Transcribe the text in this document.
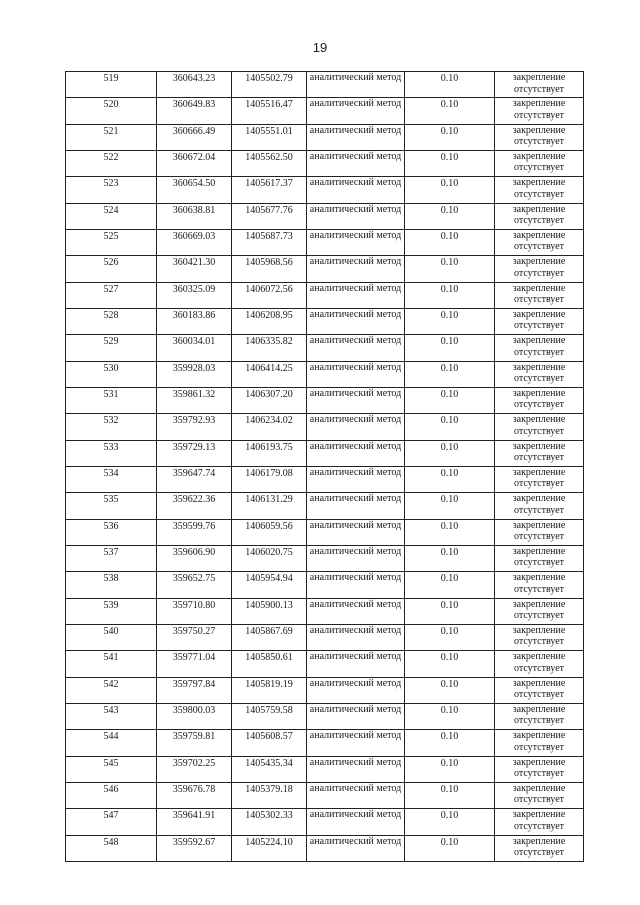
19
519	360643.23	1405502.79	аналитический метод	0.10	закрепление отсутствует
520	360649.83	1405516.47	аналитический метод	0.10	закрепление отсутствует
521	360666.49	1405551.01	аналитический метод	0.10	закрепление отсутствует
522	360672.04	1405562.50	аналитический метод	0.10	закрепление отсутствует
523	360654.50	1405617.37	аналитический метод	0.10	закрепление отсутствует
524	360638.81	1405677.76	аналитический метод	0.10	закрепление отсутствует
525	360669.03	1405687.73	аналитический метод	0.10	закрепление отсутствует
526	360421.30	1405968.56	аналитический метод	0.10	закрепление отсутствует
527	360325.09	1406072.56	аналитический метод	0.10	закрепление отсутствует
528	360183.86	1406208.95	аналитический метод	0.10	закрепление отсутствует
529	360034.01	1406335.82	аналитический метод	0.10	закрепление отсутствует
530	359928.03	1406414.25	аналитический метод	0.10	закрепление отсутствует
531	359861.32	1406307.20	аналитический метод	0.10	закрепление отсутствует
532	359792.93	1406234.02	аналитический метод	0.10	закрепление отсутствует
533	359729.13	1406193.75	аналитический метод	0.10	закрепление отсутствует
534	359647.74	1406179.08	аналитический метод	0.10	закрепление отсутствует
535	359622.36	1406131.29	аналитический метод	0.10	закрепление отсутствует
536	359599.76	1406059.56	аналитический метод	0.10	закрепление отсутствует
537	359606.90	1406020.75	аналитический метод	0.10	закрепление отсутствует
538	359652.75	1405954.94	аналитический метод	0.10	закрепление отсутствует
539	359710.80	1405900.13	аналитический метод	0.10	закрепление отсутствует
540	359750.27	1405867.69	аналитический метод	0.10	закрепление отсутствует
541	359771.04	1405850.61	аналитический метод	0.10	закрепление отсутствует
542	359797.84	1405819.19	аналитический метод	0.10	закрепление отсутствует
543	359800.03	1405759.58	аналитический метод	0.10	закрепление отсутствует
544	359759.81	1405608.57	аналитический метод	0.10	закрепление отсутствует
545	359702.25	1405435.34	аналитический метод	0.10	закрепление отсутствует
546	359676.78	1405379.18	аналитический метод	0.10	закрепление отсутствует
547	359641.91	1405302.33	аналитический метод	0.10	закрепление отсутствует
548	359592.67	1405224.10	аналитический метод	0.10	закрепление отсутствует
